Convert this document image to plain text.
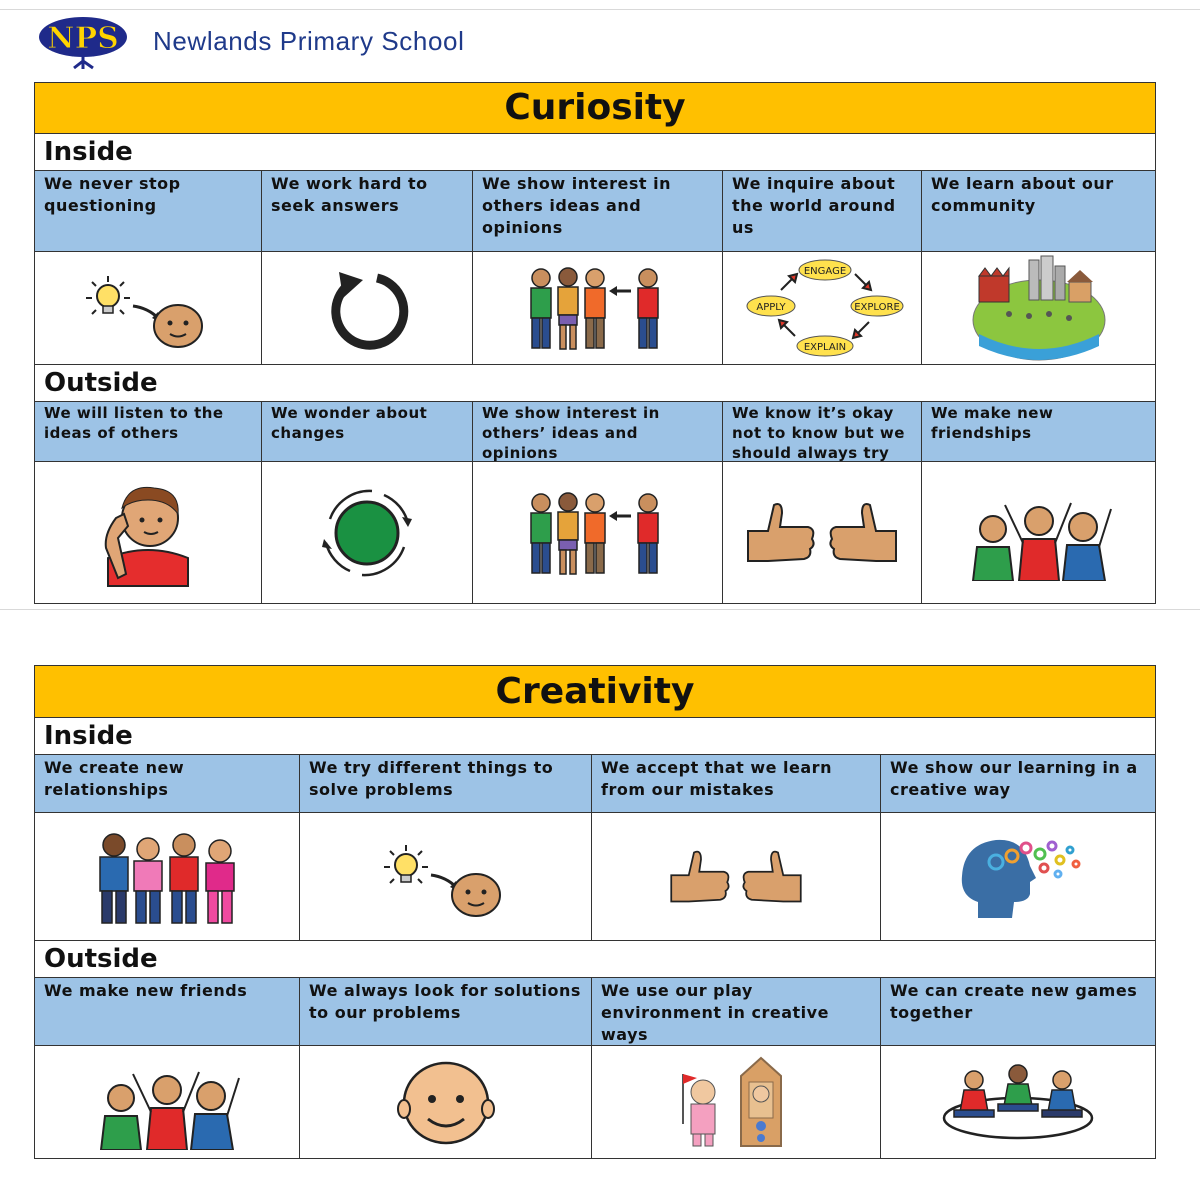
NPS Newlands Primary School
Curiosity
Inside
We never stop questioning
We work hard to seek answers
We show interest in others ideas and opinions
We inquire about the world around us
We learn about our community
ENGAGE
EXPLORE
EXPLAIN
APPLY
Outside
We will listen to the ideas of others
We wonder about changes
We show interest in others’ ideas and opinions
We know it’s okay not to know but we should always try
We make new friendships
Creativity
Inside
We create new relationships
We try different things to solve problems
We accept that we learn from our mistakes
We show our learning in a creative way
Outside
We make new friends	We always look for solutions to our problems
We use our play environment in creative ways
We can create new games together
